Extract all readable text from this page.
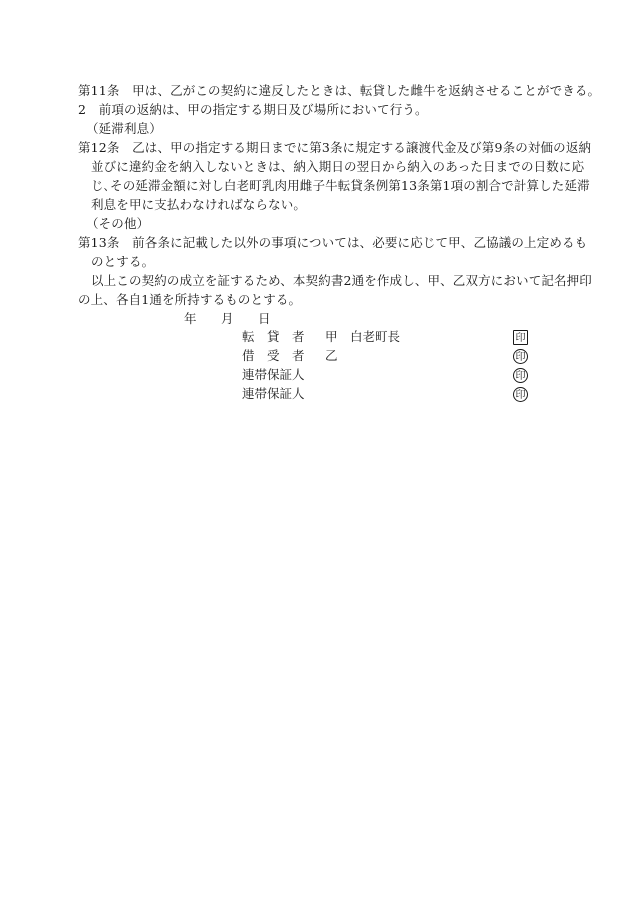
第11条　甲は、乙がこの契約に違反したときは、転貸した雌牛を返納させることができる。
2　前項の返納は、甲の指定する期日及び場所において行う。
（延滞利息）
第12条　乙は、甲の指定する期日までに第3条に規定する譲渡代金及び第9条の対価の返納
並びに違約金を納入しないときは、納入期日の翌日から納入のあった日までの日数に応
じ､その延滞金額に対し白老町乳肉用雌子牛転貸条例第13条第1項の割合で計算した延滞
利息を甲に支払わなければならない。
（その他）
第13条　前各条に記載した以外の事項については、必要に応じて甲、乙協議の上定めるも
のとする。
以上この契約の成立を証するため、本契約書2通を作成し、甲、乙双方において記名押印
の上、各自1通を所持するものとする。
年 月 日
転　貸　者 甲 白老町長	印
借　受　者 乙	印
連帯保証人	印
連帯保証人	印
